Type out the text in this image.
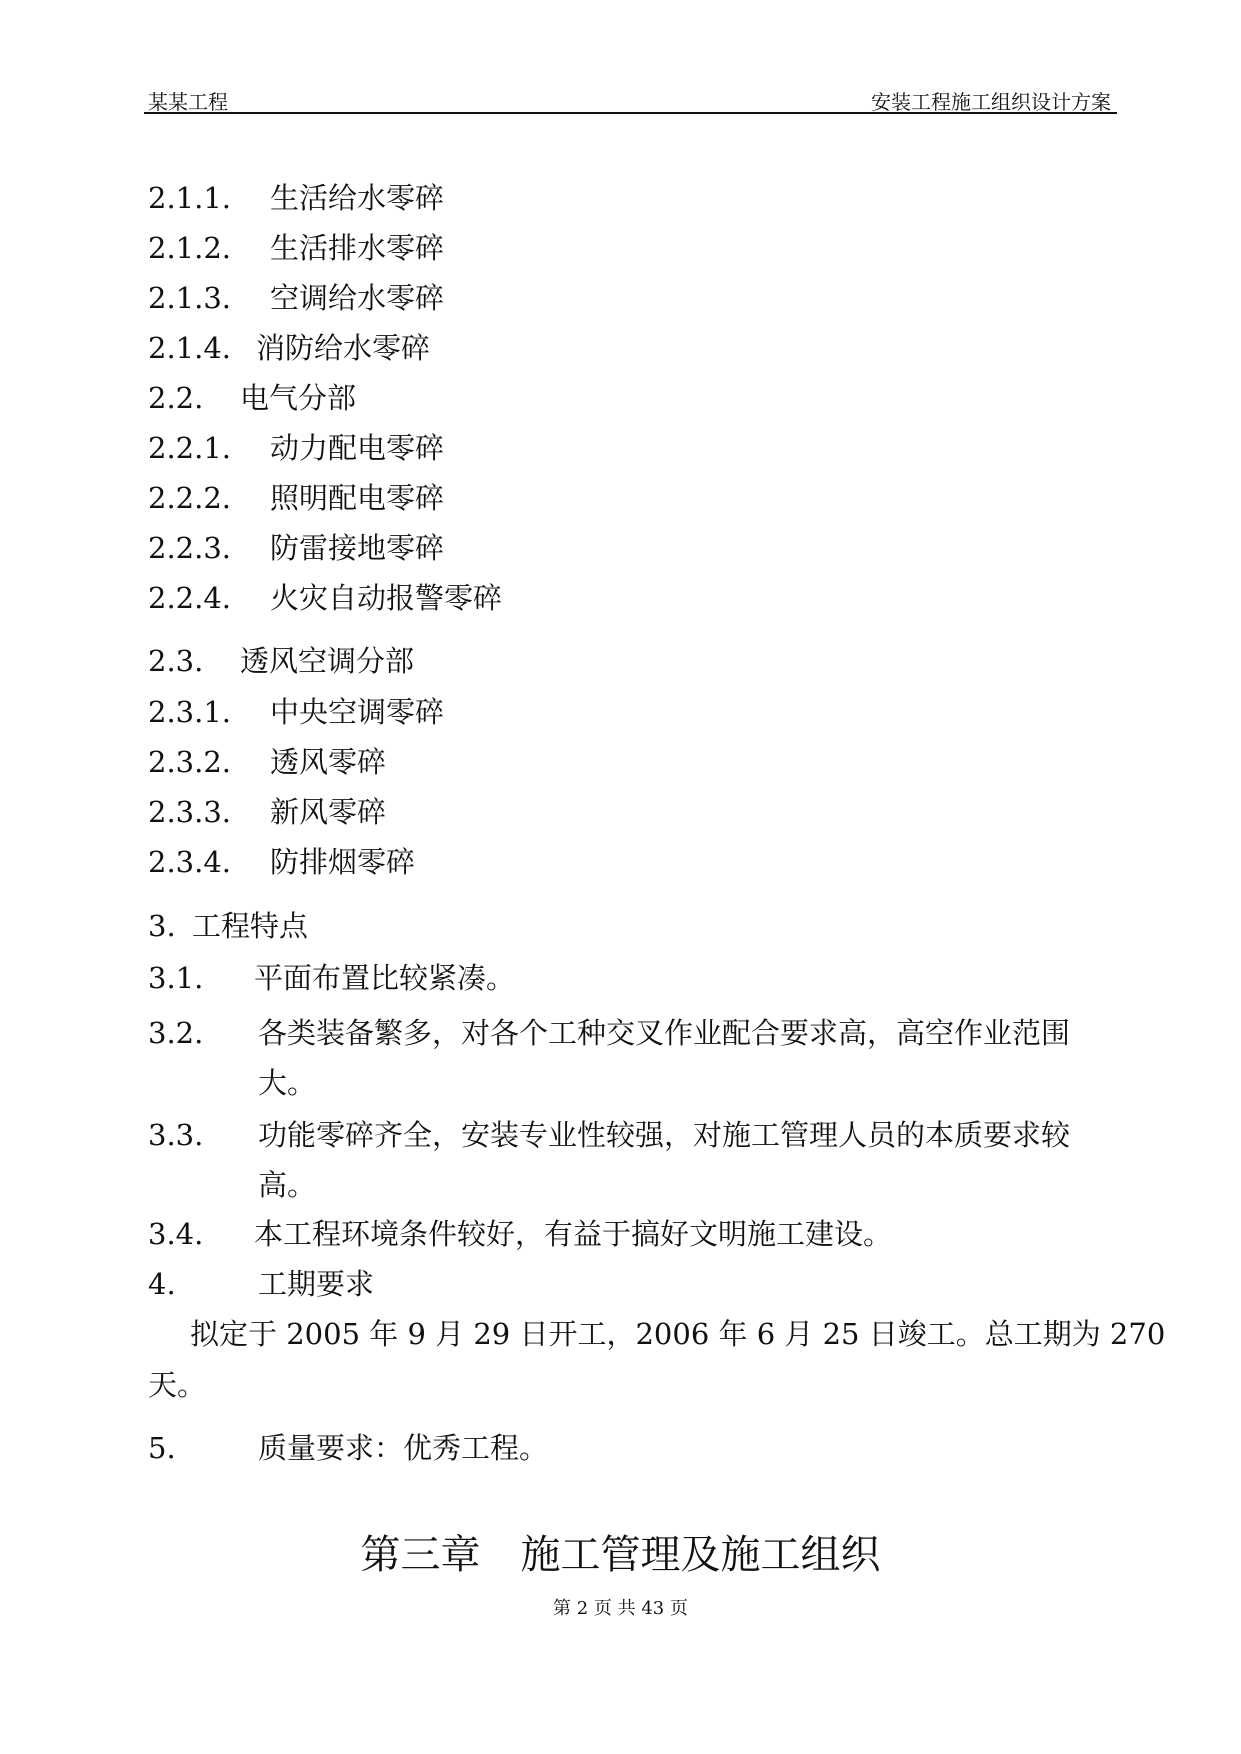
某某工程	安装工程施工组织设计方案
2.1.1. 生活给水零碎
2.1.2. 生活排水零碎
2.1.3. 空调给水零碎
2.1.4. 消防给水零碎
2.2. 电气分部
2.2.1. 动力配电零碎
2.2.2. 照明配电零碎
2.2.3. 防雷接地零碎
2.2.4. 火灾自动报警零碎
2.3. 透风空调分部
2.3.1. 中央空调零碎
2.3.2. 透风零碎
2.3.3. 新风零碎
2.3.4. 防排烟零碎
3. 工程特点
3.1. 平面布置比较紧凑。
3.2. 各类装备繁多，对各个工种交叉作业配合要求高，高空作业范围
大。
3.3. 功能零碎齐全，安装专业性较强，对施工管理人员的本质要求较
高。
3.4. 本工程环境条件较好，有益于搞好文明施工建设。
4.	工期要求
拟定于 2005 年 9 月 29 日开工，2006 年 6 月 25 日竣工。总工期为 270
天。
5.	质量要求：优秀工程。
第三章　施工管理及施工组织
第 2 页 共 43 页
